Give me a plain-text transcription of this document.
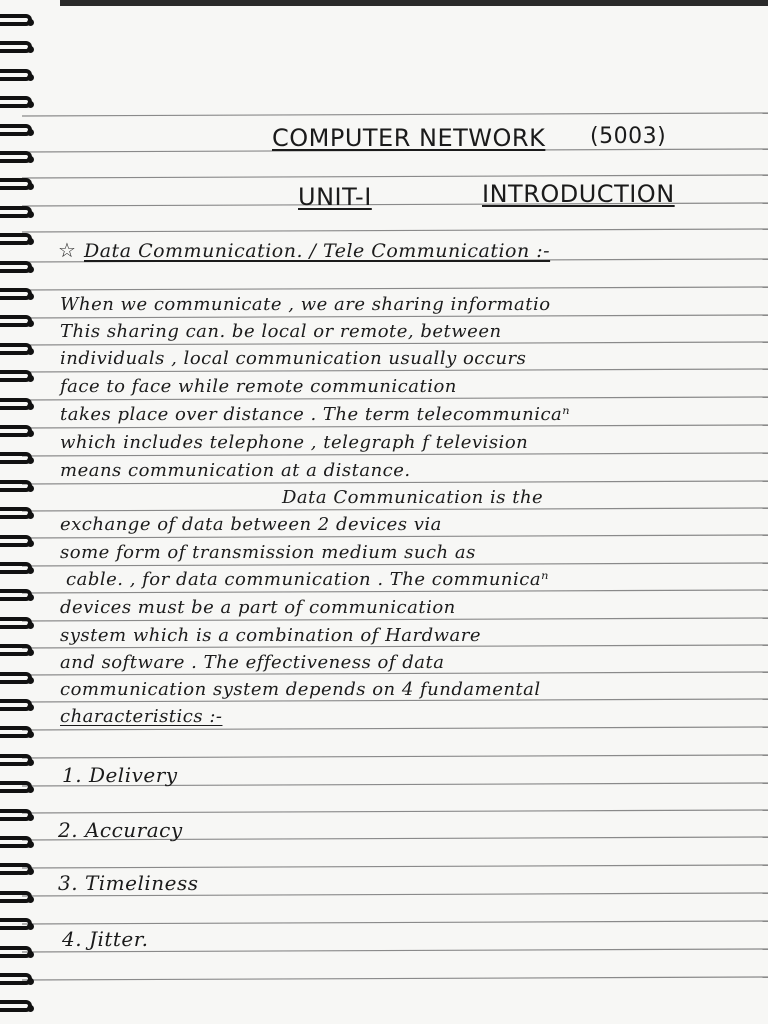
COMPUTER NETWORK (5003)
UNIT-I	INTRODUCTION
☆ Data Communication. / Tele Communication :-
When we communicate , we are sharing informatio
This sharing can. be local or remote, between
individuals , local communication usually occurs
face to face while remote communication
takes place over distance . The term telecommunicaⁿ
which includes telephone , telegraph f television
means communication at a distance.
Data Communication is the
exchange of data between 2 devices via
some form of transmission medium such as
cable. , for data communication . The communicaⁿ
devices must be a part of communication
system which is a combination of Hardware
and software . The effectiveness of data
communication system depends on 4 fundamental
characteristics :-
1. Delivery
2. Accuracy
3. Timeliness
4. Jitter.
